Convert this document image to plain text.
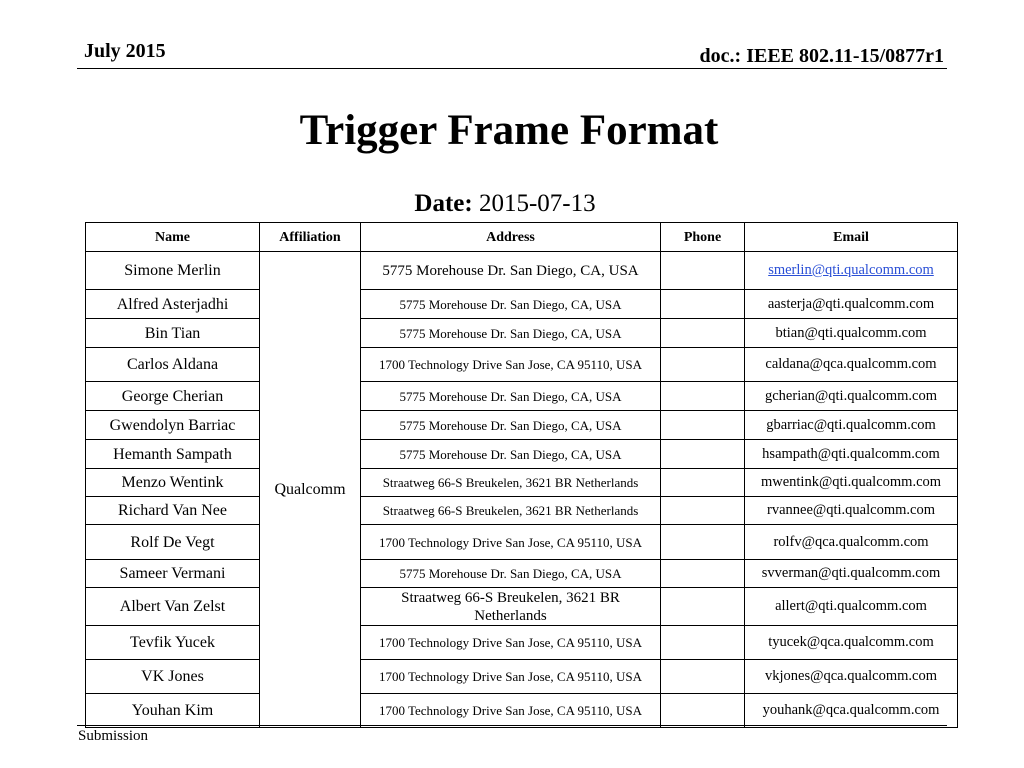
July 2015	doc.: IEEE 802.11-15/0877r1
Trigger Frame Format
Date: 2015-07-13
Name	Affiliation	Address	Phone	Email
Simone Merlin	Qualcomm	5775 Morehouse Dr. San Diego, CA, USA		smerlin@qti.qualcomm.com
Alfred Asterjadhi		5775 Morehouse Dr. San Diego, CA, USA		aasterja@qti.qualcomm.com
Bin Tian		5775 Morehouse Dr. San Diego, CA, USA		btian@qti.qualcomm.com
Carlos Aldana		1700 Technology Drive San Jose, CA 95110, USA		caldana@qca.qualcomm.com
George Cherian		5775 Morehouse Dr. San Diego, CA, USA		gcherian@qti.qualcomm.com
Gwendolyn Barriac		5775 Morehouse Dr. San Diego, CA, USA		gbarriac@qti.qualcomm.com
Hemanth Sampath		5775 Morehouse Dr. San Diego, CA, USA		hsampath@qti.qualcomm.com
Menzo Wentink		Straatweg 66-S Breukelen, 3621 BR Netherlands		mwentink@qti.qualcomm.com
Richard Van Nee		Straatweg 66-S Breukelen, 3621 BR Netherlands		rvannee@qti.qualcomm.com
Rolf De Vegt		1700 Technology Drive San Jose, CA 95110, USA		rolfv@qca.qualcomm.com
Sameer Vermani		5775 Morehouse Dr. San Diego, CA, USA		svverman@qti.qualcomm.com
Albert Van Zelst		Straatweg 66-S Breukelen, 3621 BR Netherlands		allert@qti.qualcomm.com
Tevfik Yucek		1700 Technology Drive San Jose, CA 95110, USA		tyucek@qca.qualcomm.com
VK Jones		1700 Technology Drive San Jose, CA 95110, USA		vkjones@qca.qualcomm.com
Youhan Kim		1700 Technology Drive San Jose, CA 95110, USA		youhank@qca.qualcomm.com
Submission
